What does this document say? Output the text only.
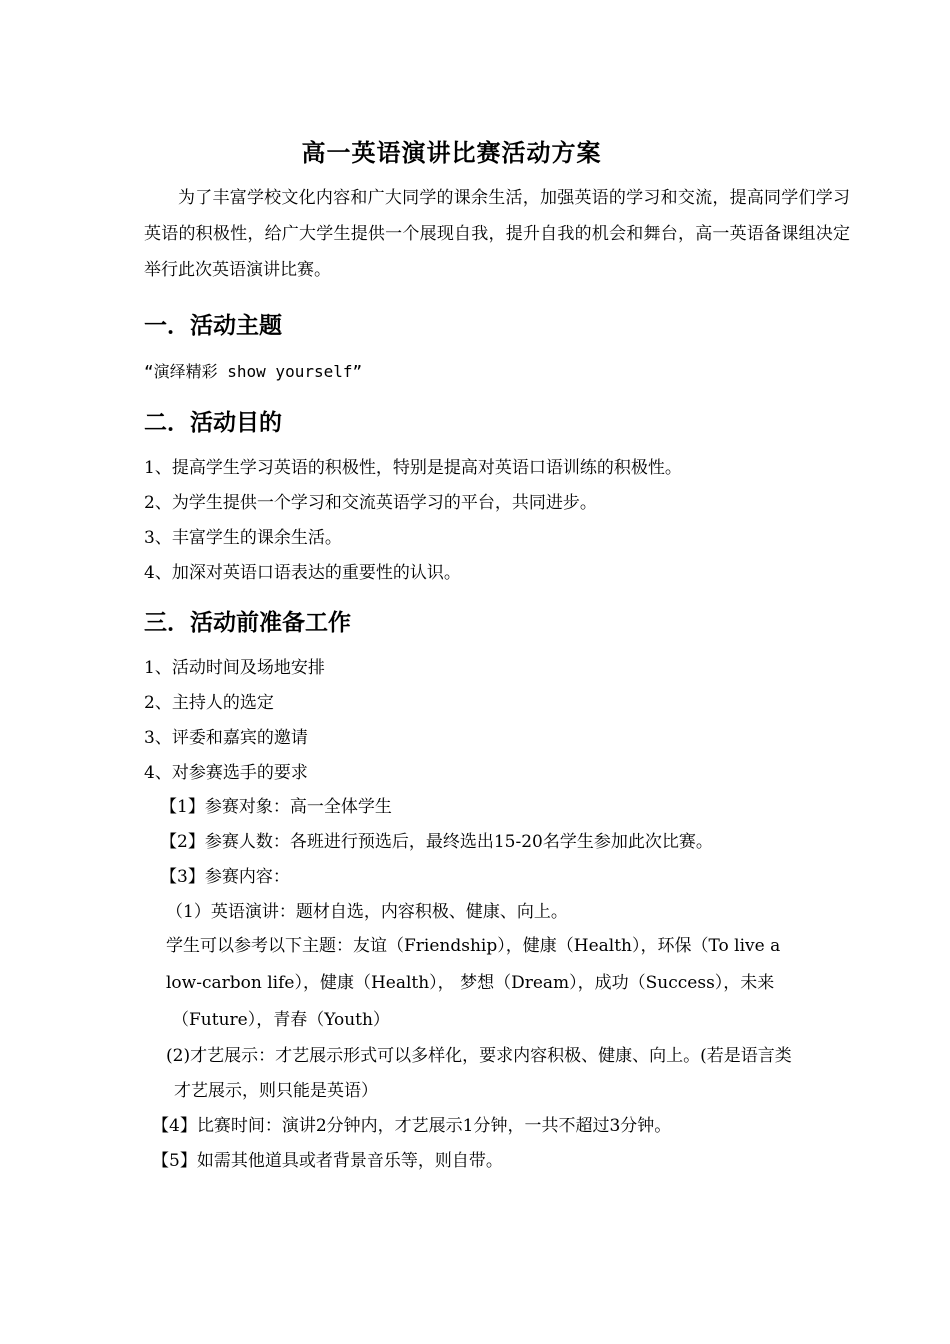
高一英语演讲比赛活动方案
为了丰富学校文化内容和广大同学的课余生活，加强英语的学习和交流，提高同学们学习英语的积极性，给广大学生提供一个展现自我，提升自我的机会和舞台，高一英语备课组决定举行此次英语演讲比赛。
一．活动主题
“演绎精彩 show yourself”
二．活动目的
1、提高学生学习英语的积极性，特别是提高对英语口语训练的积极性。
2、为学生提供一个学习和交流英语学习的平台，共同进步。
3、丰富学生的课余生活。
4、加深对英语口语表达的重要性的认识。
三．活动前准备工作
1、活动时间及场地安排
2、主持人的选定
3、评委和嘉宾的邀请
4、对参赛选手的要求
【1】参赛对象：高一全体学生
【2】参赛人数：各班进行预选后，最终选出15-20名学生参加此次比赛。
【3】参赛内容：
（1）英语演讲：题材自选，内容积极、健康、向上。
学生可以参考以下主题：友谊（Friendship），健康（Health），环保（To live a
low-carbon life），健康（Health）， 梦想（Dream），成功（Success），未来
（Future），青春（Youth）
(2)才艺展示：才艺展示形式可以多样化，要求内容积极、健康、向上。(若是语言类
才艺展示，则只能是英语）
【4】比赛时间：演讲2分钟内，才艺展示1分钟，一共不超过3分钟。
【5】如需其他道具或者背景音乐等，则自带。
